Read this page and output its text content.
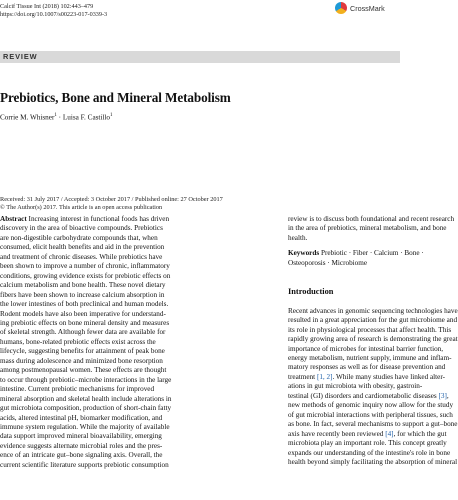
Calcif Tissue Int (2018) 102:443–479
https://doi.org/10.1007/s00223-017-0339-3
CrossMark
REVIEW
Prebiotics, Bone and Mineral Metabolism
Corrie M. Whisner$^1$ · Luisa F. Castillo$^1$
Received: 31 July 2017 / Accepted: 3 October 2017 / Published online: 27 October 2017
© The Author(s) 2017. This article is an open access publication
Abstract Increasing interest in functional foods has driven
discovery in the area of bioactive compounds. Prebiotics
are non-digestible carbohydrate compounds that, when
consumed, elicit health benefits and aid in the prevention
and treatment of chronic diseases. While prebiotics have
been shown to improve a number of chronic, inflammatory
conditions, growing evidence exists for prebiotic effects on
calcium metabolism and bone health. These novel dietary
fibers have been shown to increase calcium absorption in
the lower intestines of both preclinical and human models.
Rodent models have also been imperative for understand-
ing prebiotic effects on bone mineral density and measures
of skeletal strength. Although fewer data are available for
humans, bone-related prebiotic effects exist across the
lifecycle, suggesting benefits for attainment of peak bone
mass during adolescence and minimized bone resorption
among postmenopausal women. These effects are thought
to occur through prebiotic–microbe interactions in the large
intestine. Current prebiotic mechanisms for improved
mineral absorption and skeletal health include alterations in
gut microbiota composition, production of short-chain fatty
acids, altered intestinal pH, biomarker modification, and
immune system regulation. While the majority of available
data support improved mineral bioavailability, emerging
evidence suggests alternate microbial roles and the pres-
ence of an intricate gut–bone signaling axis. Overall, the
current scientific literature supports prebiotic consumption
review is to discuss both foundational and recent research
in the area of prebiotics, mineral metabolism, and bone
health.
Keywords Prebiotic · Fiber · Calcium · Bone ·
Osteoporosis · Microbiome
Introduction
Recent advances in genomic sequencing technologies have
resulted in a great appreciation for the gut microbiome and
its role in physiological processes that affect health. This
rapidly growing area of research is demonstrating the great
importance of microbes for intestinal barrier function,
energy metabolism, nutrient supply, immune and inflam-
matory responses as well as for disease prevention and
treatment [1, 2]. While many studies have linked alter-
ations in gut microbiota with obesity, gastroin-
testinal (GI) disorders and cardiometabolic diseases [3],
new methods of genomic inquiry now allow for the study
of gut microbial interactions with peripheral tissues, such
as bone. In fact, several mechanisms to support a gut–bone
axis have recently been reviewed [4], for which the gut
microbiota play an important role. This concept greatly
expands our understanding of the intestine's role in bone
health beyond simply facilitating the absorption of mineral
